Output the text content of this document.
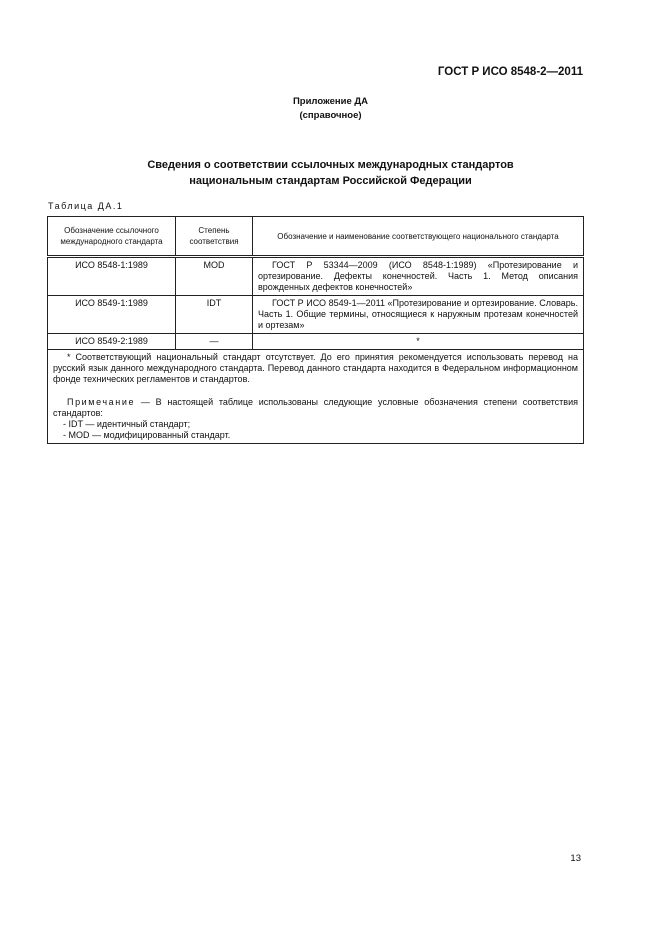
ГОСТ Р ИСО 8548-2—2011
Приложение ДА
(справочное)
Сведения о соответствии ссылочных международных стандартов
национальным стандартам Российской Федерации
Таблица ДА.1
Обозначение ссылочного международного стандарта	Степень соответствия	Обозначение и наименование соответствующего национального стандарта
ИСО 8548-1:1989	MOD	ГОСТ Р 53344—2009 (ИСО 8548-1:1989) «Протезирование и ортезирование. Дефекты конечностей. Часть 1. Метод описания врожденных дефектов конечностей»
ИСО 8549-1:1989	IDT	ГОСТ Р ИСО 8549-1—2011 «Протезирование и ортезирование. Словарь. Часть 1. Общие термины, относящиеся к наружным протезам конечностей и ортезам»
ИСО 8549-2:1989	—	*

* Соответствующий национальный стандарт отсутствует. До его принятия рекомендуется использовать перевод на русский язык данного международного стандарта. Перевод данного стандарта находится в Федеральном информационном фонде технических регламентов и стандартов.

Примечание — В настоящей таблице использованы следующие условные обозначения степени соответствия стандартов:

- IDT — идентичный стандарт;
- MOD — модифицированный стандарт.		
13
